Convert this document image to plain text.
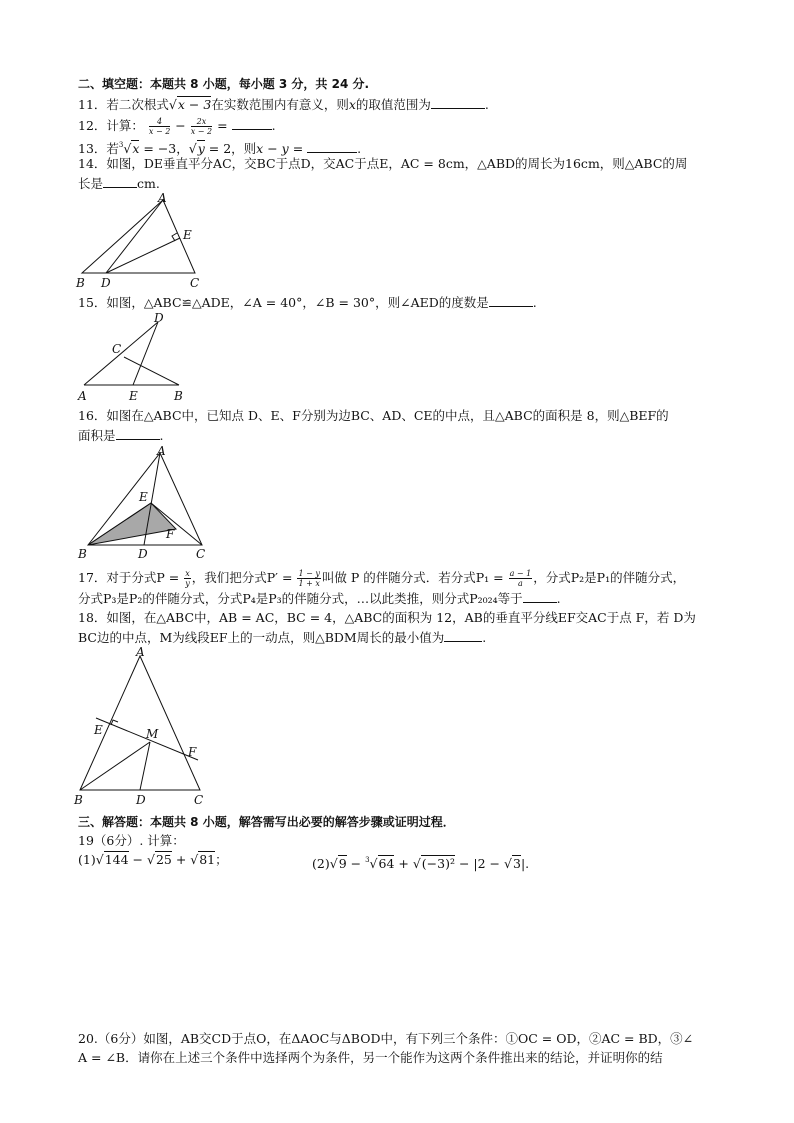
二、填空题：本题共 8 小题，每小题 3 分，共 24 分.
11．若二次根式√x − 3在实数范围内有意义，则x的取值范围为	.
12．计算： $\frac{4}{x - 2} - \frac{2x}{x - 2}$ =	.
13．若$^3$√x = −3，√y = 2，则x − y =	.
14．如图，DE垂直平分AC，交BC于点D，交AC于点E，AC = 8cm，△ABD的周长为16cm，则△ABC的周
长是	cm.
A
E
B D	C
15．如图，△ABC≌△ADE，∠A = 40°，∠B = 30°，则∠AED的度数是	.
D
C
A	E	B
16．如图在△ABC中，已知点 D、E、F分别为边BC、AD、CE的中点，且△ABC的面积是 8，则△BEF的
面积是	.
A
E
F
B	D	C
17．对于分式$P = \frac{x}{y}$ ，我们把分式$P' = \frac{1 - y}{1 + x}$ 叫做 P 的伴随分式．若分式$P_1 = \frac{a - 1}{a}$ ，分式P₂是P₁的伴随分式，
分式P₃是P₂的伴随分式，分式P₄是P₃的伴随分式，…以此类推，则分式P₂₀₂₄等于	.
18．如图，在△ABC中，AB = AC，BC = 4，△ABC的面积为 12，AB的垂直平分线EF交AC于点 F，若 D为
BC边的中点，M为线段EF上的一动点，则△BDM周长的最小值为	.
A
E	M
F
B	D	C
三、解答题：本题共 8 小题，解答需写出必要的解答步骤或证明过程．
19（6分）. 计算：
(1)√144 − √25 + √81；	(2)√9 − $^3$√64 + √(−3)² − |2 − √3|.
20.（6分）如图，AB交CD于点O，在ΔAOC与ΔBOD中，有下列三个条件：①OC = OD，②AC = BD，③∠
A = ∠B．请你在上述三个条件中选择两个为条件，另一个能作为这两个条件推出来的结论，并证明你的结
